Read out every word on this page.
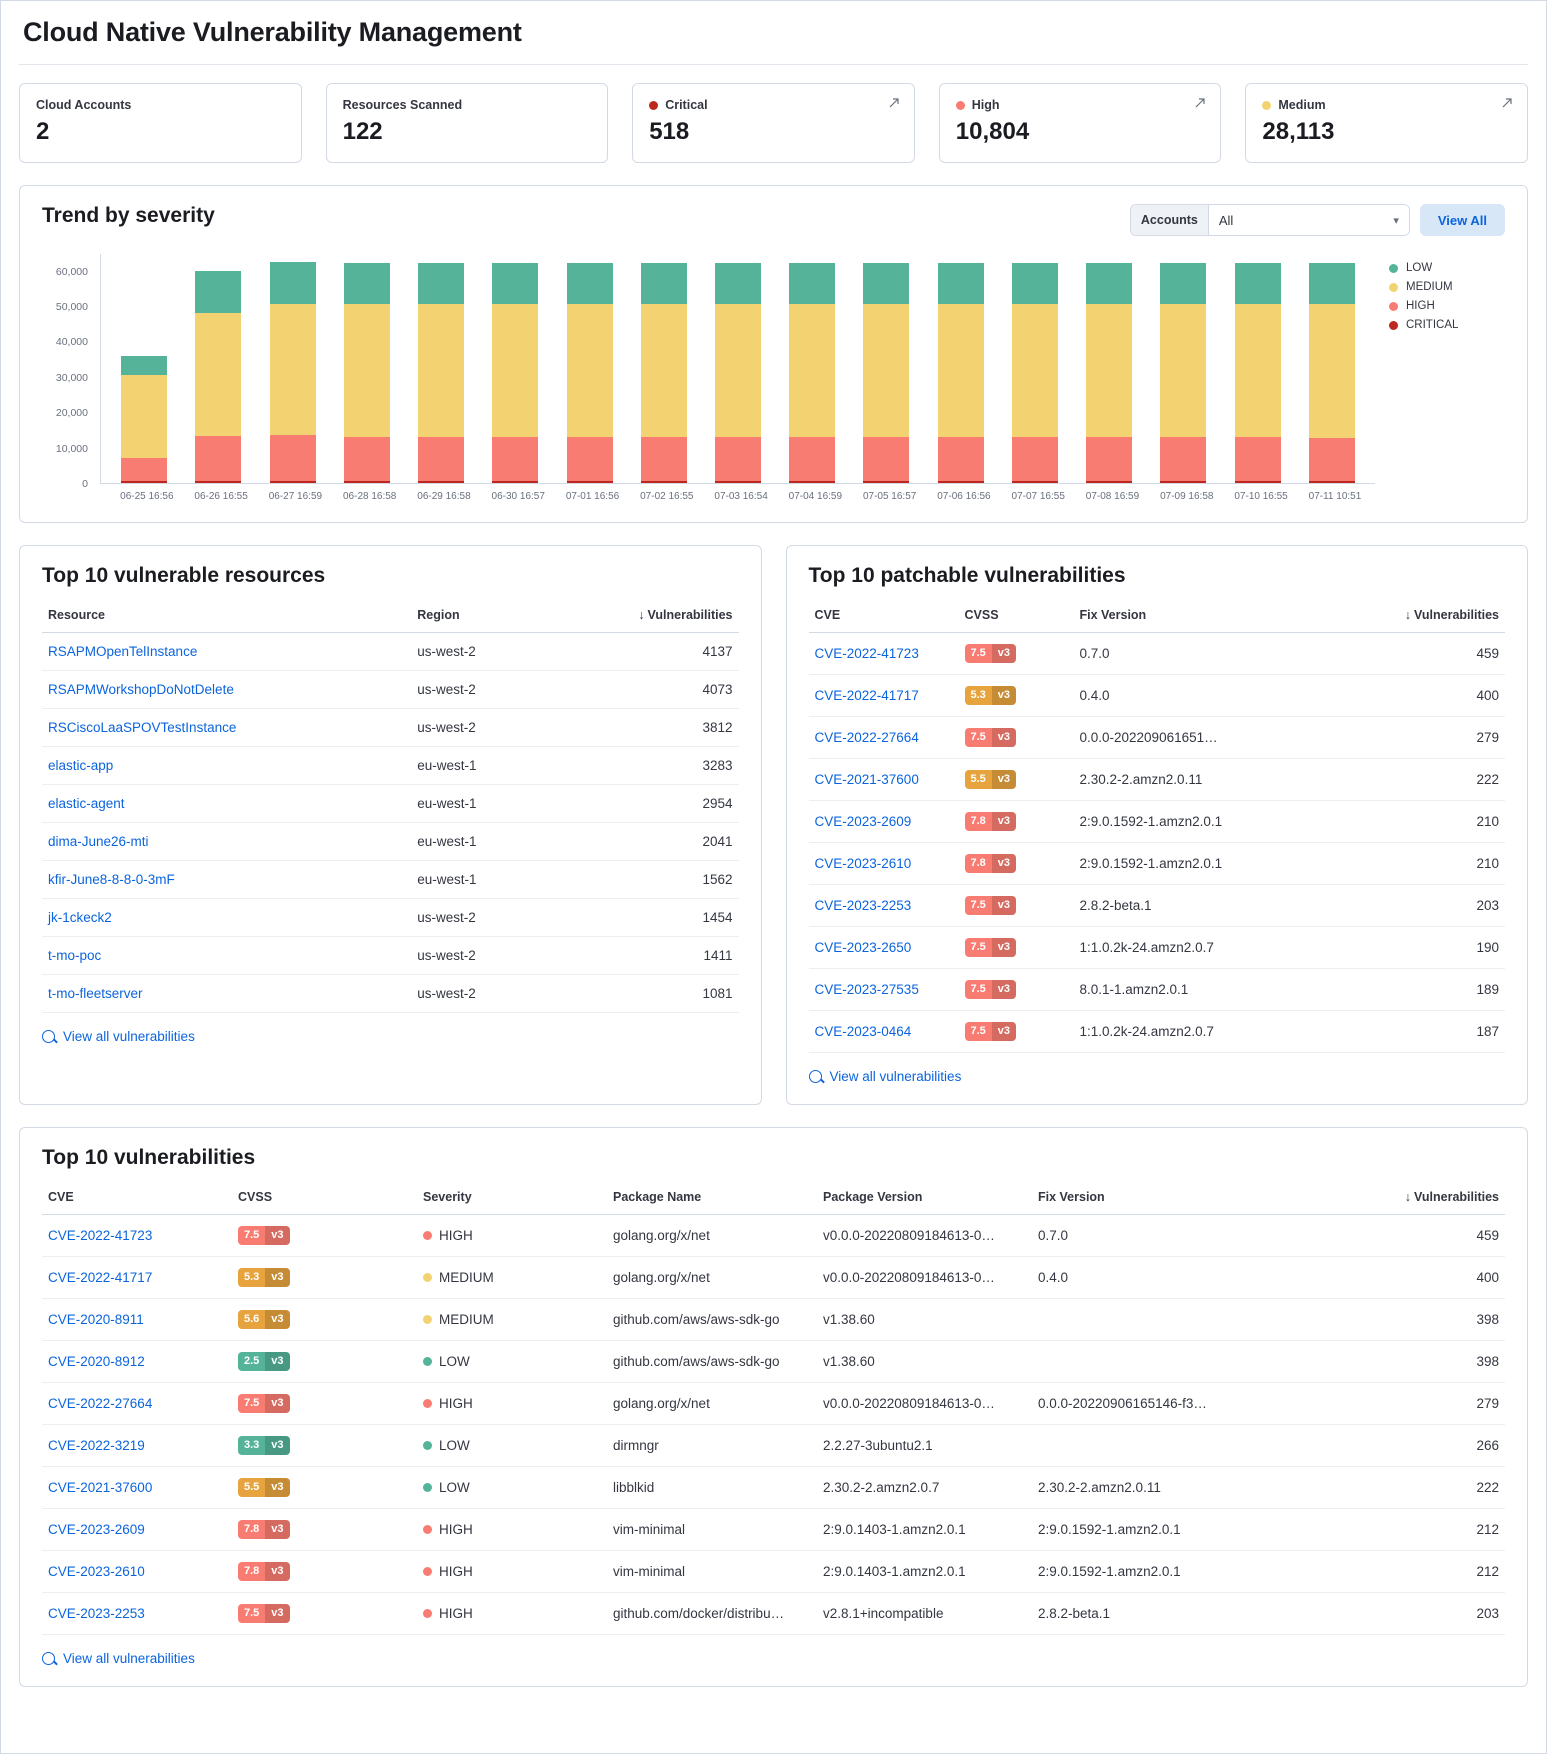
Cloud Native Vulnerability Management
Cloud Accounts
2
Resources Scanned
122
Critical
518
High
10,804
Medium
28,113
Trend by severity	Accounts	All	▾	View All
0
10,000
20,000
30,000
40,000
50,000
60,000
06-25 16:56 06-26 16:55 06-27 16:59 06-28 16:58 06-29 16:58 06-30 16:57 07-01 16:56 07-02 16:55 07-03 16:54 07-04 16:59 07-05 16:57 07-06 16:56 07-07 16:55 07-08 16:59 07-09 16:58 07-10 16:55 07-11 10:51
LOW
MEDIUM
HIGH
CRITICAL
Top 10 vulnerable resources
Resource	Region	↓ Vulnerabilities
RSAPMOpenTelInstance	us-west-2	4137
RSAPMWorkshopDoNotDelete	us-west-2	4073
RSCiscoLaaSPOVTestInstance	us-west-2	3812
elastic-app	eu-west-1	3283
elastic-agent	eu-west-1	2954
dima-June26-mti	eu-west-1	2041
kfir-June8-8-8-0-3mF	eu-west-1	1562
jk-1ckeck2	us-west-2	1454
t-mo-poc	us-west-2	1411
t-mo-fleetserver	us-west-2	1081
View all vulnerabilities
Top 10 patchable vulnerabilities
CVE	CVSS	Fix Version	↓ Vulnerabilities
CVE-2022-41723	7.5 v3	0.7.0	459
CVE-2022-41717	5.3 v3	0.4.0	400
CVE-2022-27664	7.5 v3	0.0.0-202209061651…	279
CVE-2021-37600	5.5 v3	2.30.2-2.amzn2.0.11	222
CVE-2023-2609	7.8 v3	2:9.0.1592-1.amzn2.0.1	210
CVE-2023-2610	7.8 v3	2:9.0.1592-1.amzn2.0.1	210
CVE-2023-2253	7.5 v3	2.8.2-beta.1	203
CVE-2023-2650	7.5 v3	1:1.0.2k-24.amzn2.0.7	190
CVE-2023-27535	7.5 v3	8.0.1-1.amzn2.0.1	189
CVE-2023-0464	7.5 v3	1:1.0.2k-24.amzn2.0.7	187
View all vulnerabilities
Top 10 vulnerabilities
CVE	CVSS	Severity	Package Name	Package Version	Fix Version	↓ Vulnerabilities
CVE-2022-41723	7.5 v3	HIGH	golang.org/x/net	v0.0.0-20220809184613-0…	0.7.0	459
CVE-2022-41717	5.3 v3	MEDIUM	golang.org/x/net	v0.0.0-20220809184613-0…	0.4.0	400
CVE-2020-8911	5.6 v3	MEDIUM	github.com/aws/aws-sdk-go	v1.38.60		398
CVE-2020-8912	2.5 v3	LOW	github.com/aws/aws-sdk-go	v1.38.60		398
CVE-2022-27664	7.5 v3	HIGH	golang.org/x/net	v0.0.0-20220809184613-0…	0.0.0-20220906165146-f3…	279
CVE-2022-3219	3.3 v3	LOW	dirmngr	2.2.27-3ubuntu2.1		266
CVE-2021-37600	5.5 v3	LOW	libblkid	2.30.2-2.amzn2.0.7	2.30.2-2.amzn2.0.11	222
CVE-2023-2609	7.8 v3	HIGH	vim-minimal	2:9.0.1403-1.amzn2.0.1	2:9.0.1592-1.amzn2.0.1	212
CVE-2023-2610	7.8 v3	HIGH	vim-minimal	2:9.0.1403-1.amzn2.0.1	2:9.0.1592-1.amzn2.0.1	212
CVE-2023-2253	7.5 v3	HIGH	github.com/docker/distribu…	v2.8.1+incompatible	2.8.2-beta.1	203
View all vulnerabilities
